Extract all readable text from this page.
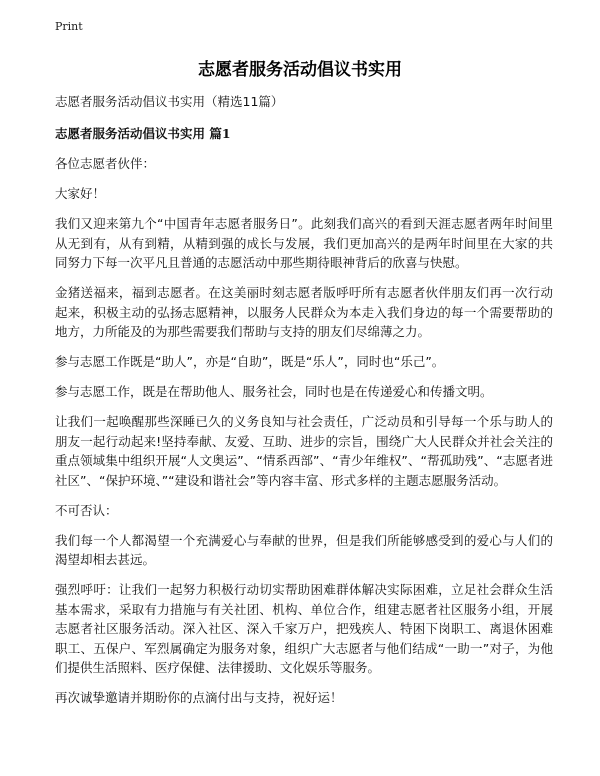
Print
志愿者服务活动倡议书实用

志愿者服务活动倡议书实用（精选11篇）

志愿者服务活动倡议书实用 篇1

各位志愿者伙伴：

大家好！

我们又迎来第九个“中国青年志愿者服务日”。此刻我们高兴的看到天涯志愿者两年时间里从无到有，从有到精，从精到强的成长与发展，我们更加高兴的是两年时间里在大家的共同努力下每一次平凡且普通的志愿活动中那些期待眼神背后的欣喜与快慰。

金猪送福来，福到志愿者。在这美丽时刻志愿者版呼吁所有志愿者伙伴朋友们再一次行动起来，积极主动的弘扬志愿精神，以服务人民群众为本走入我们身边的每一个需要帮助的地方，力所能及的为那些需要我们帮助与支持的朋友们尽绵薄之力。

参与志愿工作既是“助人”，亦是“自助”，既是“乐人”，同时也“乐己”。

参与志愿工作，既是在帮助他人、服务社会，同时也是在传递爱心和传播文明。

让我们一起唤醒那些深睡已久的义务良知与社会责任，广泛动员和引导每一个乐与助人的朋友一起行动起来!坚持奉献、友爱、互助、进步的宗旨，围绕广大人民群众并社会关注的重点领域集中组织开展“人文奥运”、“情系西部”、“青少年维权”、“帮孤助残”、“志愿者进社区”、“保护环境、”“建设和谐社会”等内容丰富、形式多样的主题志愿服务活动。

不可否认：

我们每一个人都渴望一个充满爱心与奉献的世界，但是我们所能够感受到的爱心与人们的渴望却相去甚远。

强烈呼吁：让我们一起努力积极行动切实帮助困难群体解决实际困难，立足社会群众生活基本需求，采取有力措施与有关社团、机构、单位合作，组建志愿者社区服务小组，开展志愿者社区服务活动。深入社区、深入千家万户，把残疾人、特困下岗职工、离退休困难职工、五保户、军烈属确定为服务对象，组织广大志愿者与他们结成“一助一”对子，为他们提供生活照料、医疗保健、法律援助、文化娱乐等服务。

再次诚挚邀请并期盼你的点滴付出与支持，祝好运！
